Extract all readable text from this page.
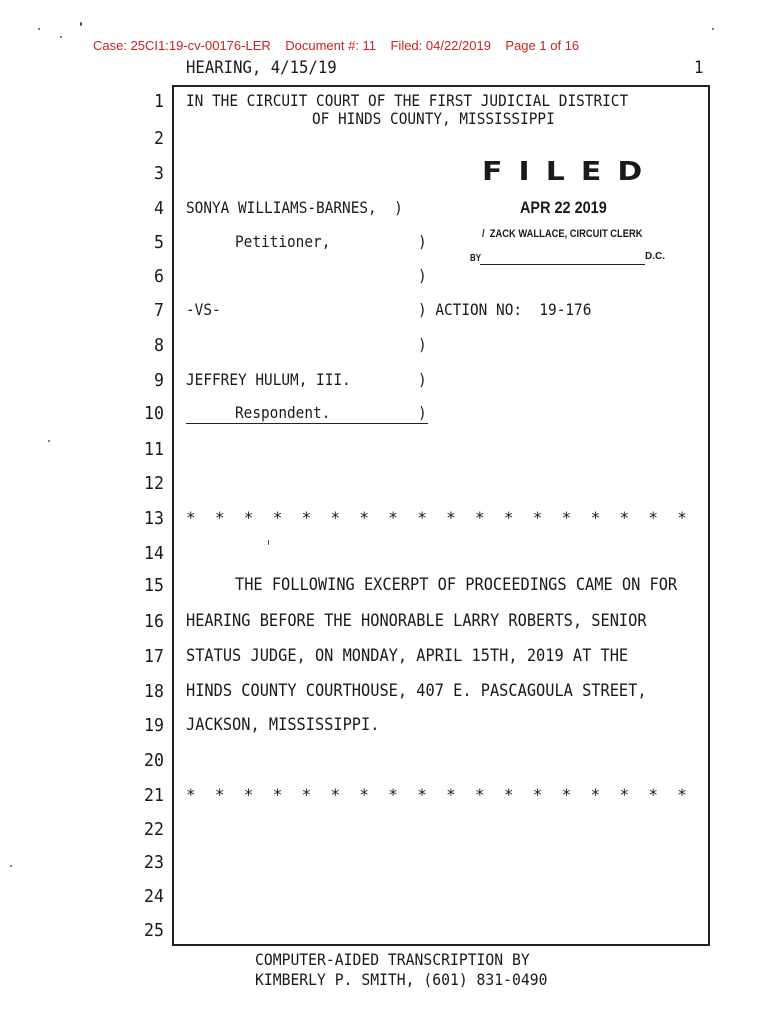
Case: 25CI1:19-cv-00176-LER
Document #: 11
Filed: 04/22/2019
Page 1 of 16
HEARING, 4/15/19	1
1
2
3
4
5
6
7
8
9
10
11
12
13
14
15
16
17
18
19
20
21
22
23
24
25
IN THE CIRCUIT COURT OF THE FIRST JUDICIAL DISTRICT
OF HINDS COUNTY, MISSISSIPPI
SONYA WILLIAMS-BARNES,  )
Petitioner,	)
)
-VS-	) ACTION NO:  19-176
)
JEFFREY HULUM, III.	)

Respondent.	)
*  *  *  *  *  *  *  *  *  *  *  *  *  *  *  *  *  *
THE FOLLOWING EXCERPT OF PROCEEDINGS CAME ON FOR
HEARING BEFORE THE HONORABLE LARRY ROBERTS, SENIOR
STATUS JUDGE, ON MONDAY, APRIL 15TH, 2019 AT THE
HINDS COUNTY COURTHOUSE, 407 E. PASCAGOULA STREET,
JACKSON, MISSISSIPPI.
*  *  *  *  *  *  *  *  *  *  *  *  *  *  *  *  *  *
FILED
APR 22 2019
/  ZACK WALLACE, CIRCUIT CLERK
BY	D.C.
COMPUTER-AIDED TRANSCRIPTION BY
KIMBERLY P. SMITH, (601) 831-0490
